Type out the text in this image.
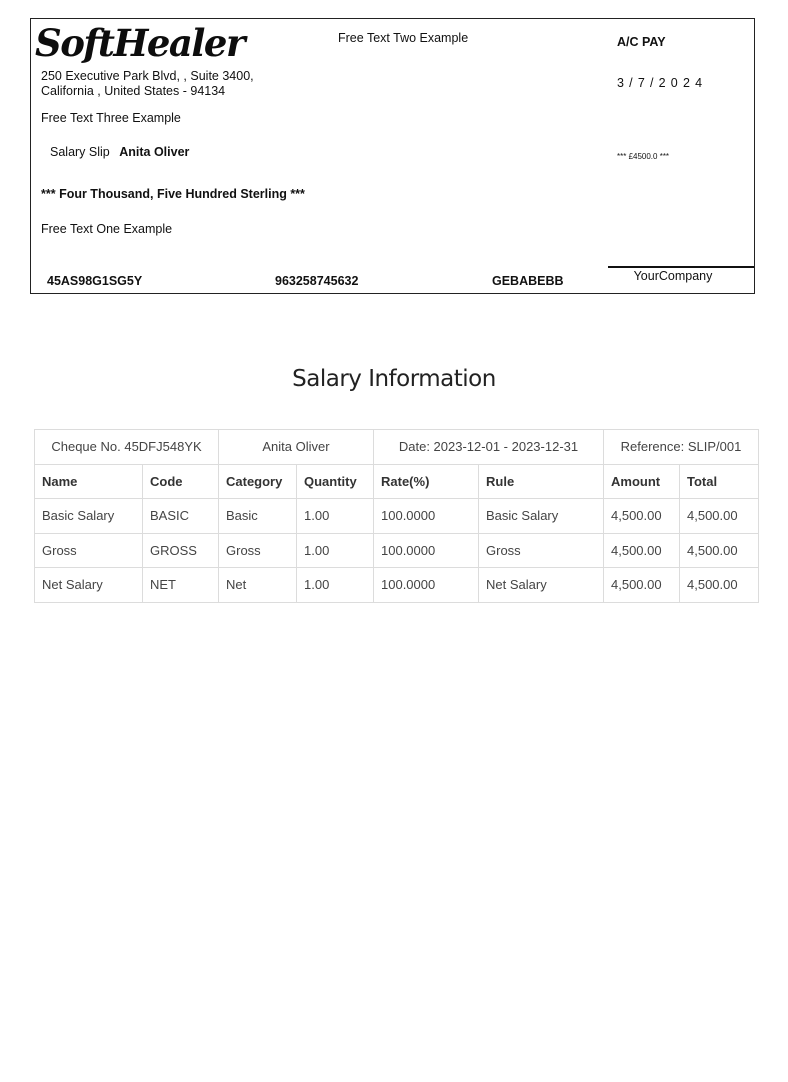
SoftHealer
250 Executive Park Blvd, , Suite 3400,
California , United States - 94134
Free Text Two Example	A/C PAY
3/7/2024
Free Text Three Example
Salary Slip Anita Oliver	*** £4500.0 ***
*** Four Thousand, Five Hundred Sterling ***
Free Text One Example
45AS98G1SG5Y	963258745632	GEBABEBB	YourCompany
Salary Information
Cheque No. 45DFJ548YK		Anita Oliver		Date: 2023-12-01 - 2023-12-31		Reference: SLIP/001	
Name	Code	Category	Quantity	Rate(%)	Rule	Amount	Total
Basic Salary	BASIC	Basic	1.00	100.0000	Basic Salary	4,500.00	4,500.00
Gross	GROSS	Gross	1.00	100.0000	Gross	4,500.00	4,500.00
Net Salary	NET	Net	1.00	100.0000	Net Salary	4,500.00	4,500.00
